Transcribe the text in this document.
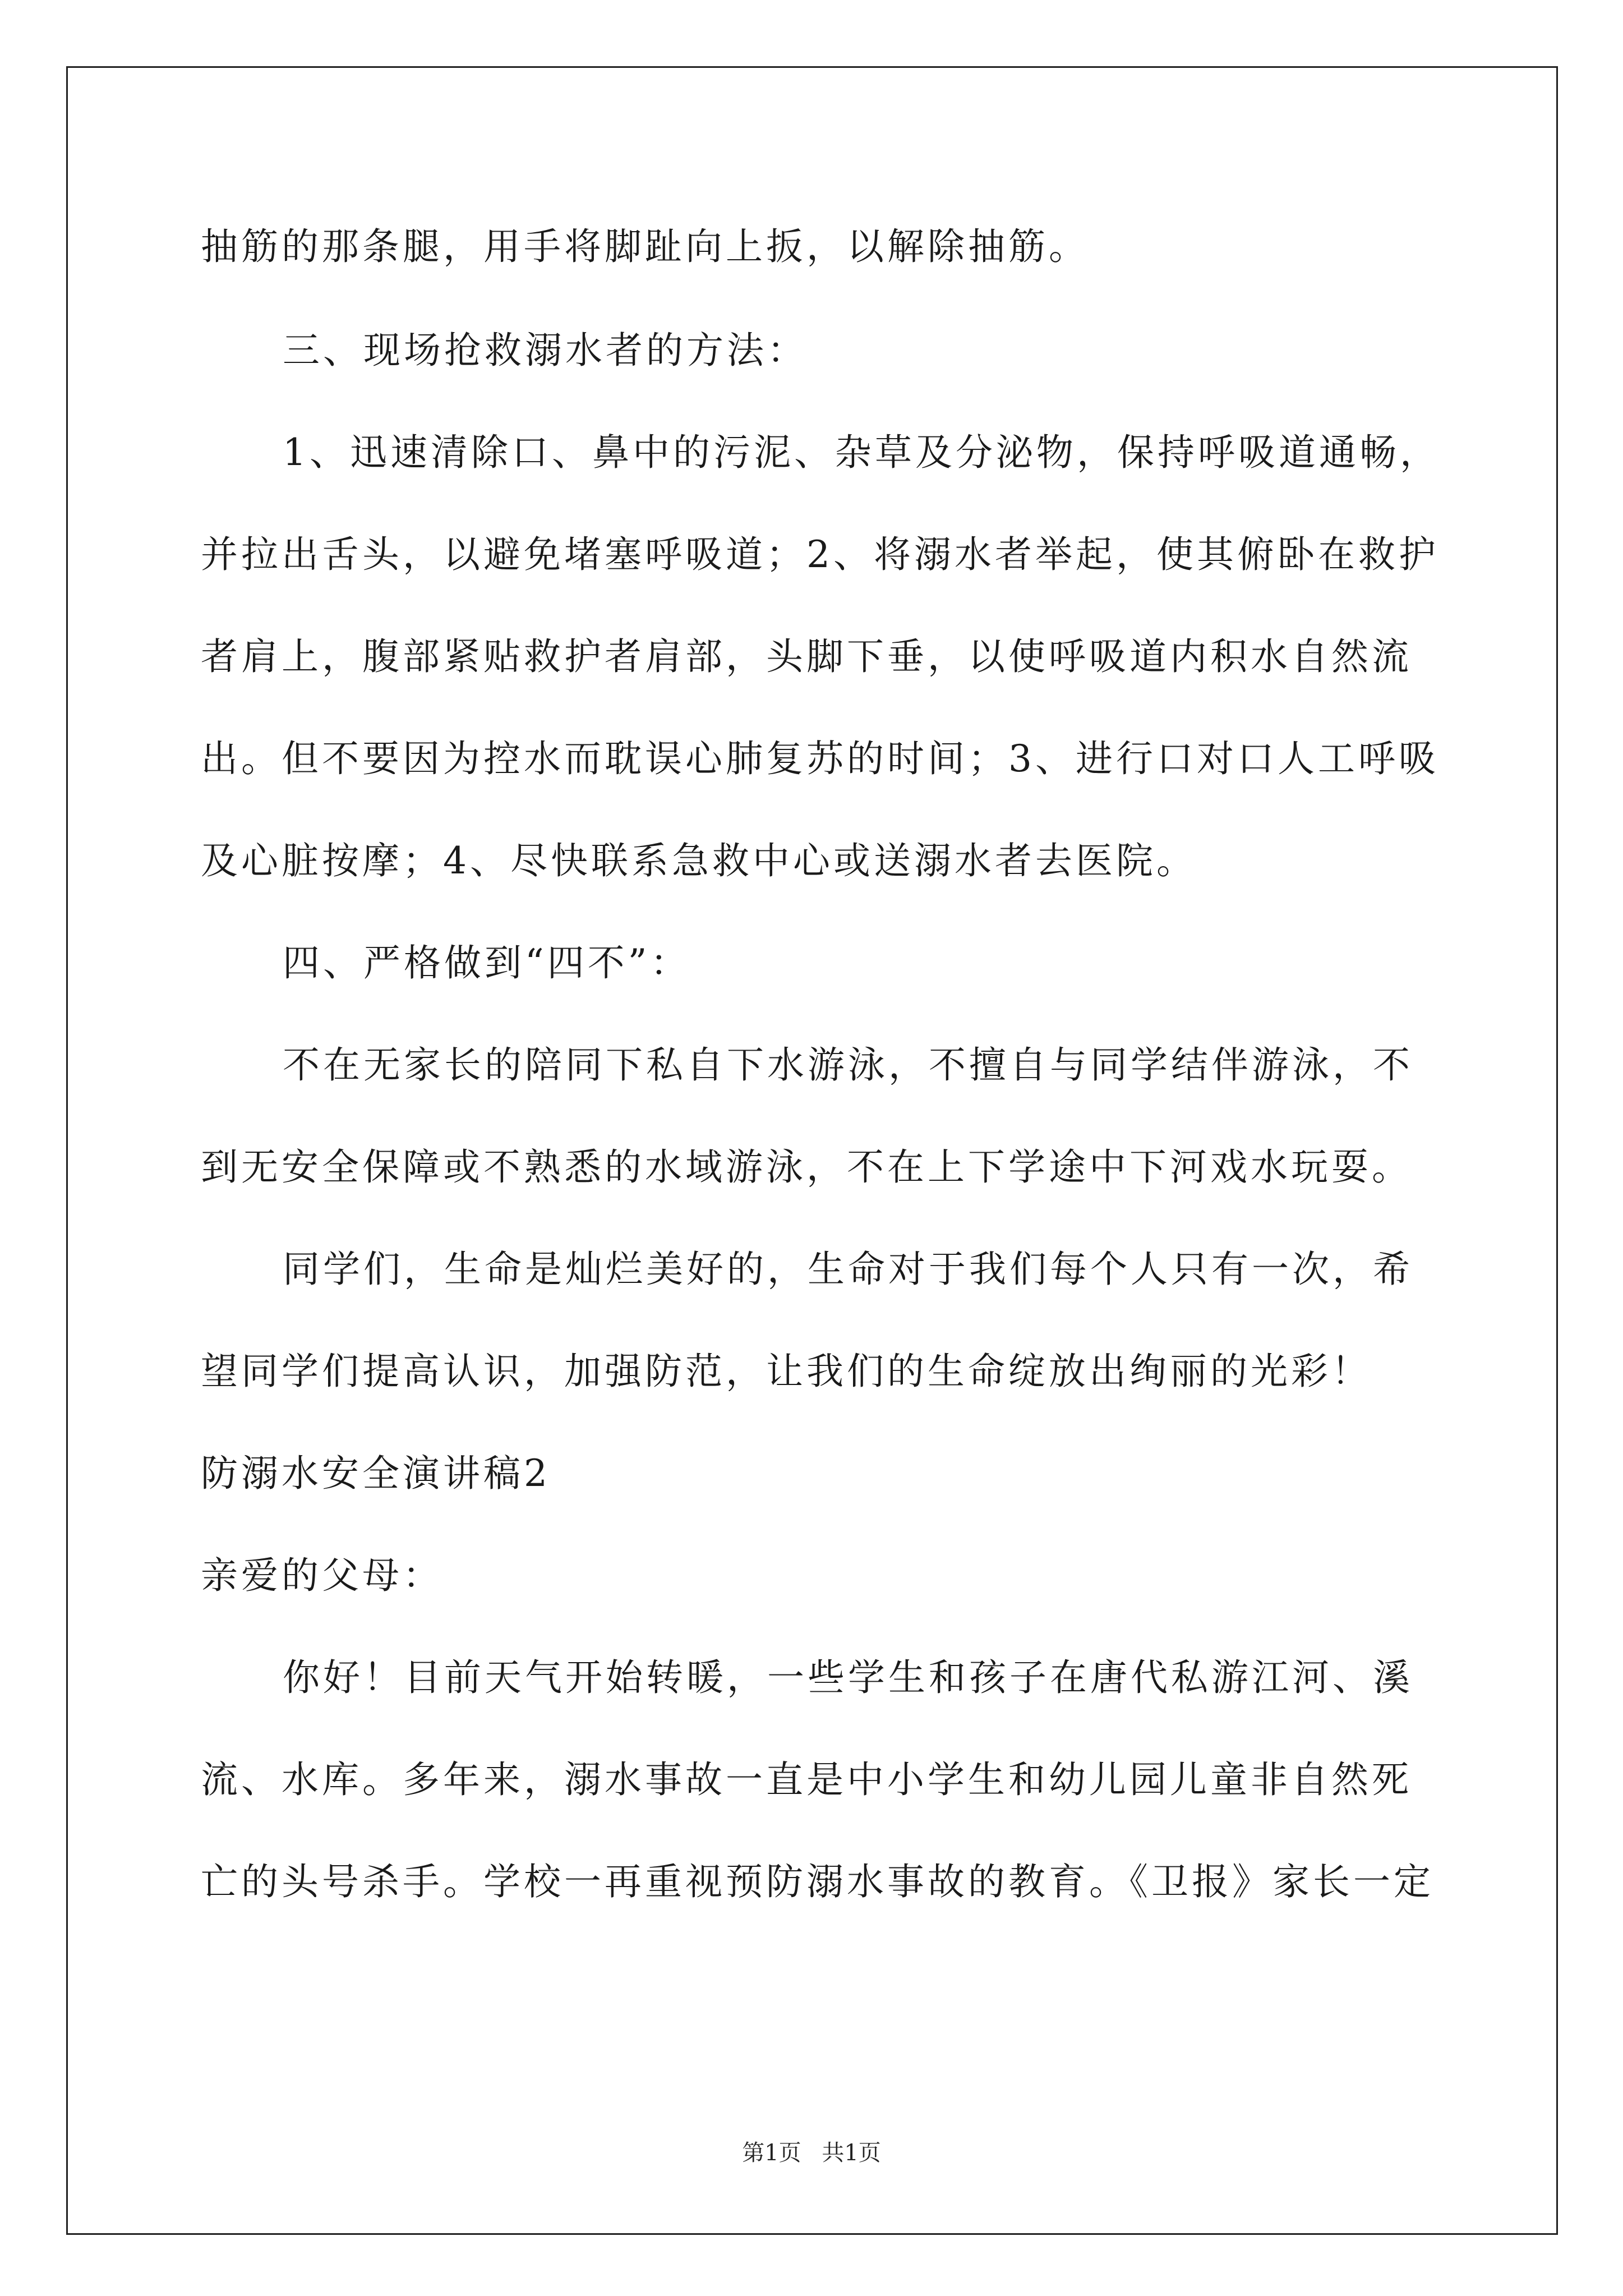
抽筋的那条腿，用手将脚趾向上扳，以解除抽筋。
三、现场抢救溺水者的方法：
1、迅速清除口、鼻中的污泥、杂草及分泌物，保持呼吸道通畅，
并拉出舌头，以避免堵塞呼吸道；2、将溺水者举起，使其俯卧在救护
者肩上，腹部紧贴救护者肩部，头脚下垂，以使呼吸道内积水自然流
出。但不要因为控水而耽误心肺复苏的时间；3、进行口对口人工呼吸
及心脏按摩；4、尽快联系急救中心或送溺水者去医院。
四、严格做到“四不”：
不在无家长的陪同下私自下水游泳，不擅自与同学结伴游泳，不
到无安全保障或不熟悉的水域游泳，不在上下学途中下河戏水玩耍。
同学们，生命是灿烂美好的，生命对于我们每个人只有一次，希
望同学们提高认识，加强防范，让我们的生命绽放出绚丽的光彩！
防溺水安全演讲稿2
亲爱的父母：
你好！目前天气开始转暖，一些学生和孩子在唐代私游江河、溪
流、水库。多年来，溺水事故一直是中小学生和幼儿园儿童非自然死
亡的头号杀手。学校一再重视预防溺水事故的教育。《卫报》家长一定
第1页 共1页
